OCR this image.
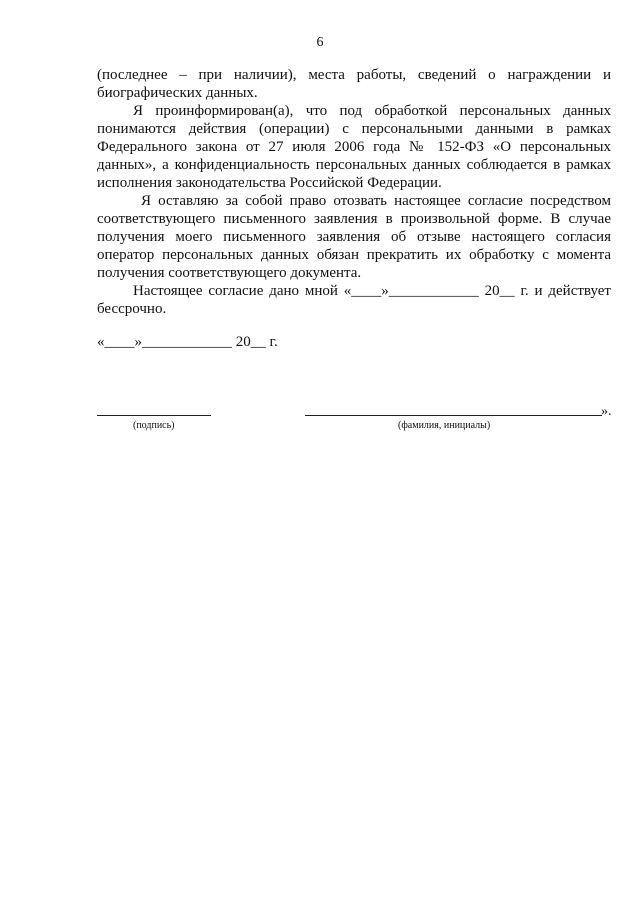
6

(последнее – при наличии), места работы, сведений о награждении и биографических данных.

Я проинформирован(а), что под обработкой персональных данных понимаются действия (операции) с персональными данными в рамках Федерального закона от 27 июля 2006 года № 152-ФЗ «О персональных данных», а конфиденциальность персональных данных соблюдается в рамках исполнения законодательства Российской Федерации.

Я оставляю за собой право отозвать настоящее согласие посредством соответствующего письменного заявления в произвольной форме. В случае получения моего письменного заявления об отзыве настоящего согласия оператор персональных данных обязан прекратить их обработку с момента получения соответствующего документа.

Настоящее согласие дано мной «____»____________ 20__ г. и действует бессрочно.

«____»____________ 20__ г.
».
(подпись)	(фамилия, инициалы)
